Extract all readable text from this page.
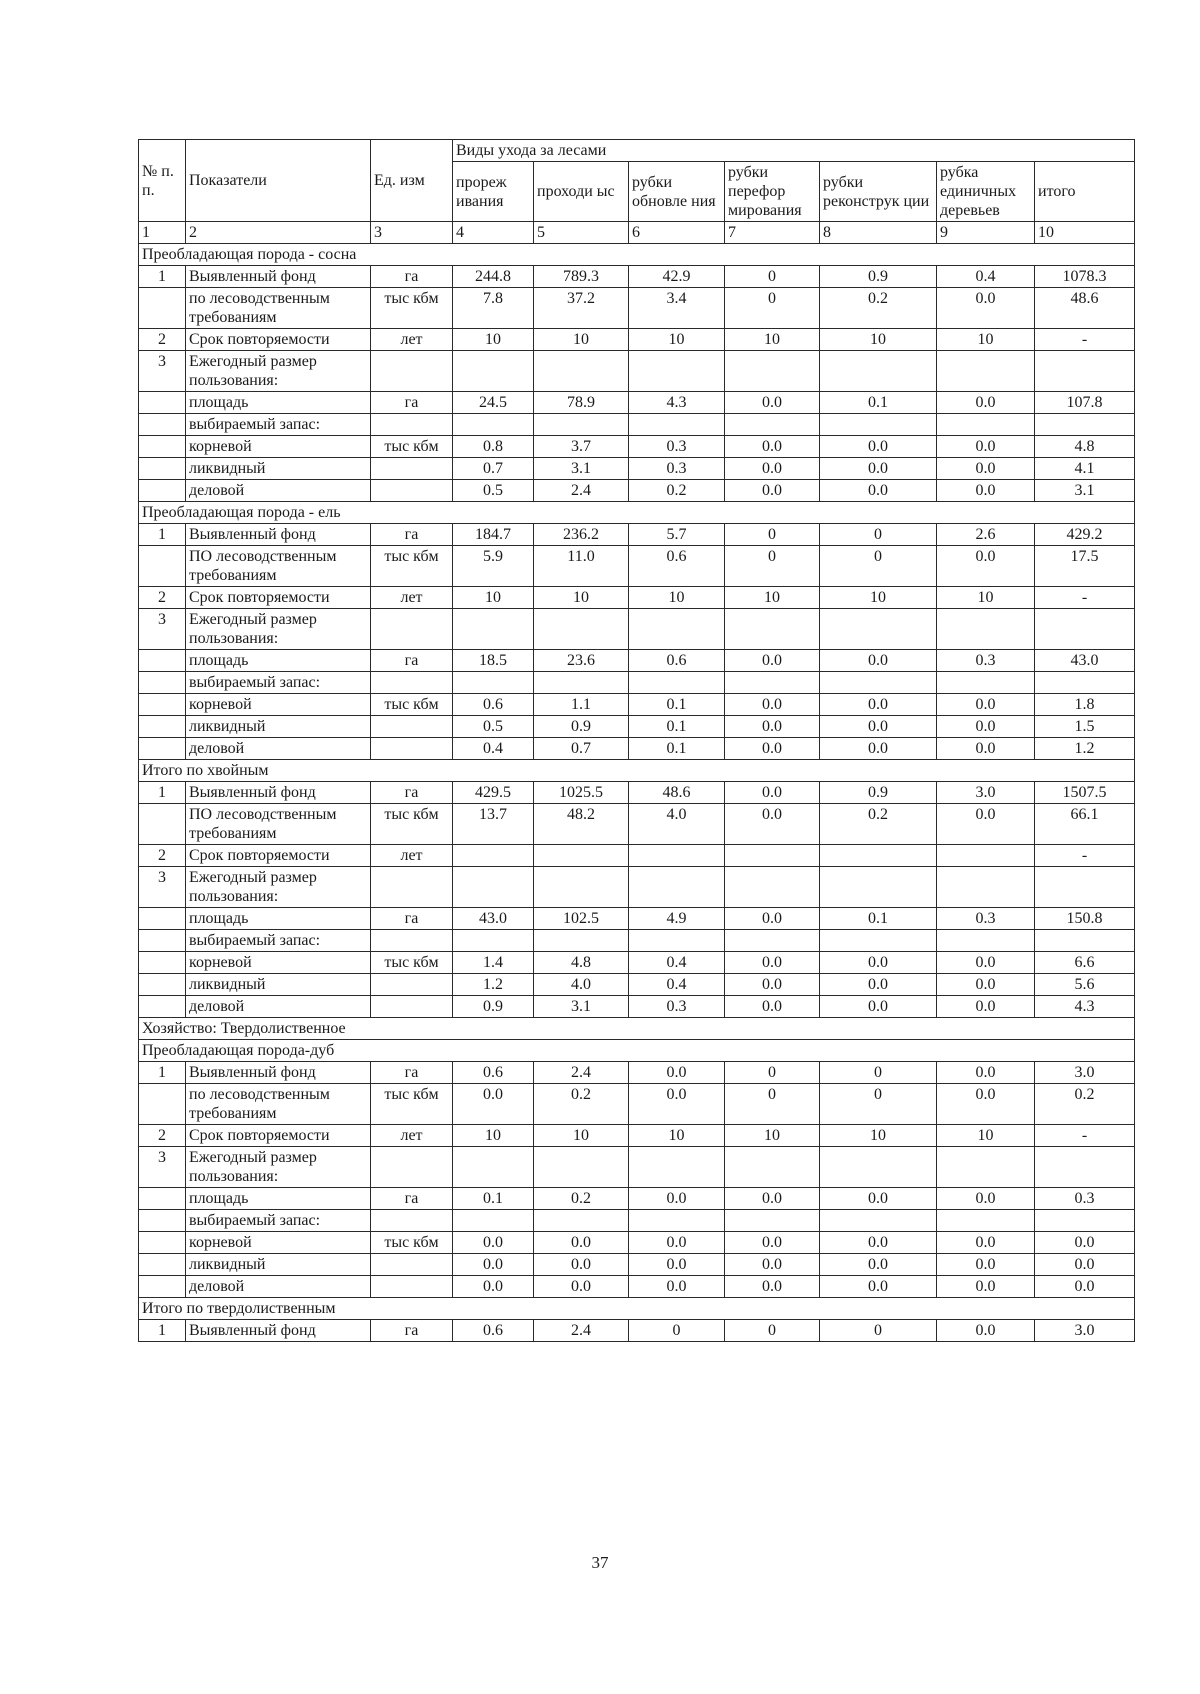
№ п. п.	Показатели	Ед. изм	Виды ухода за лесами						
			прореж ивания	проходи ыс	рубки обновле ния	рубки перефор мирования	рубки реконструк ции	рубка единичных деревьев	итого
1	2	3	4	5	6	7	8	9	10
Преобладающая порода - сосна									
1	Выявленный фонд	га	244.8	789.3	42.9	0	0.9	0.4	1078.3
	по лесоводственным требованиям	тыс кбм	7.8	37.2	3.4	0	0.2	0.0	48.6
2	Срок повторяемости	лет	10	10	10	10	10	10	-
3	Ежегодный размер пользования:								
	площадь	га	24.5	78.9	4.3	0.0	0.1	0.0	107.8
	выбираемый запас:								
	корневой	тыс кбм	0.8	3.7	0.3	0.0	0.0	0.0	4.8
	ликвидный		0.7	3.1	0.3	0.0	0.0	0.0	4.1
	деловой		0.5	2.4	0.2	0.0	0.0	0.0	3.1
Преобладающая порода - ель									
1	Выявленный фонд	га	184.7	236.2	5.7	0	0	2.6	429.2
	ПО лесоводственным требованиям	тыс кбм	5.9	11.0	0.6	0	0	0.0	17.5
2	Срок повторяемости	лет	10	10	10	10	10	10	-
3	Ежегодный размер пользования:								
	площадь	га	18.5	23.6	0.6	0.0	0.0	0.3	43.0
	выбираемый запас:								
	корневой	тыс кбм	0.6	1.1	0.1	0.0	0.0	0.0	1.8
	ликвидный		0.5	0.9	0.1	0.0	0.0	0.0	1.5
	деловой		0.4	0.7	0.1	0.0	0.0	0.0	1.2
Итого по хвойным									
1	Выявленный фонд	га	429.5	1025.5	48.6	0.0	0.9	3.0	1507.5
	ПО лесоводственным требованиям	тыс кбм	13.7	48.2	4.0	0.0	0.2	0.0	66.1
2	Срок повторяемости	лет							-
3	Ежегодный размер пользования:								
	площадь	га	43.0	102.5	4.9	0.0	0.1	0.3	150.8
	выбираемый запас:								
	корневой	тыс кбм	1.4	4.8	0.4	0.0	0.0	0.0	6.6
	ликвидный		1.2	4.0	0.4	0.0	0.0	0.0	5.6
	деловой		0.9	3.1	0.3	0.0	0.0	0.0	4.3
Хозяйство: Твердолиственное									
Преобладающая порода-дуб									
1	Выявленный фонд	га	0.6	2.4	0.0	0	0	0.0	3.0
	по лесоводственным требованиям	тыс кбм	0.0	0.2	0.0	0	0	0.0	0.2
2	Срок повторяемости	лет	10	10	10	10	10	10	-
3	Ежегодный размер пользования:								
	площадь	га	0.1	0.2	0.0	0.0	0.0	0.0	0.3
	выбираемый запас:								
	корневой	тыс кбм	0.0	0.0	0.0	0.0	0.0	0.0	0.0
	ликвидный		0.0	0.0	0.0	0.0	0.0	0.0	0.0
	деловой		0.0	0.0	0.0	0.0	0.0	0.0	0.0
Итого по твердолиственным									
1	Выявленный фонд	га	0.6	2.4	0	0	0	0.0	3.0
37
